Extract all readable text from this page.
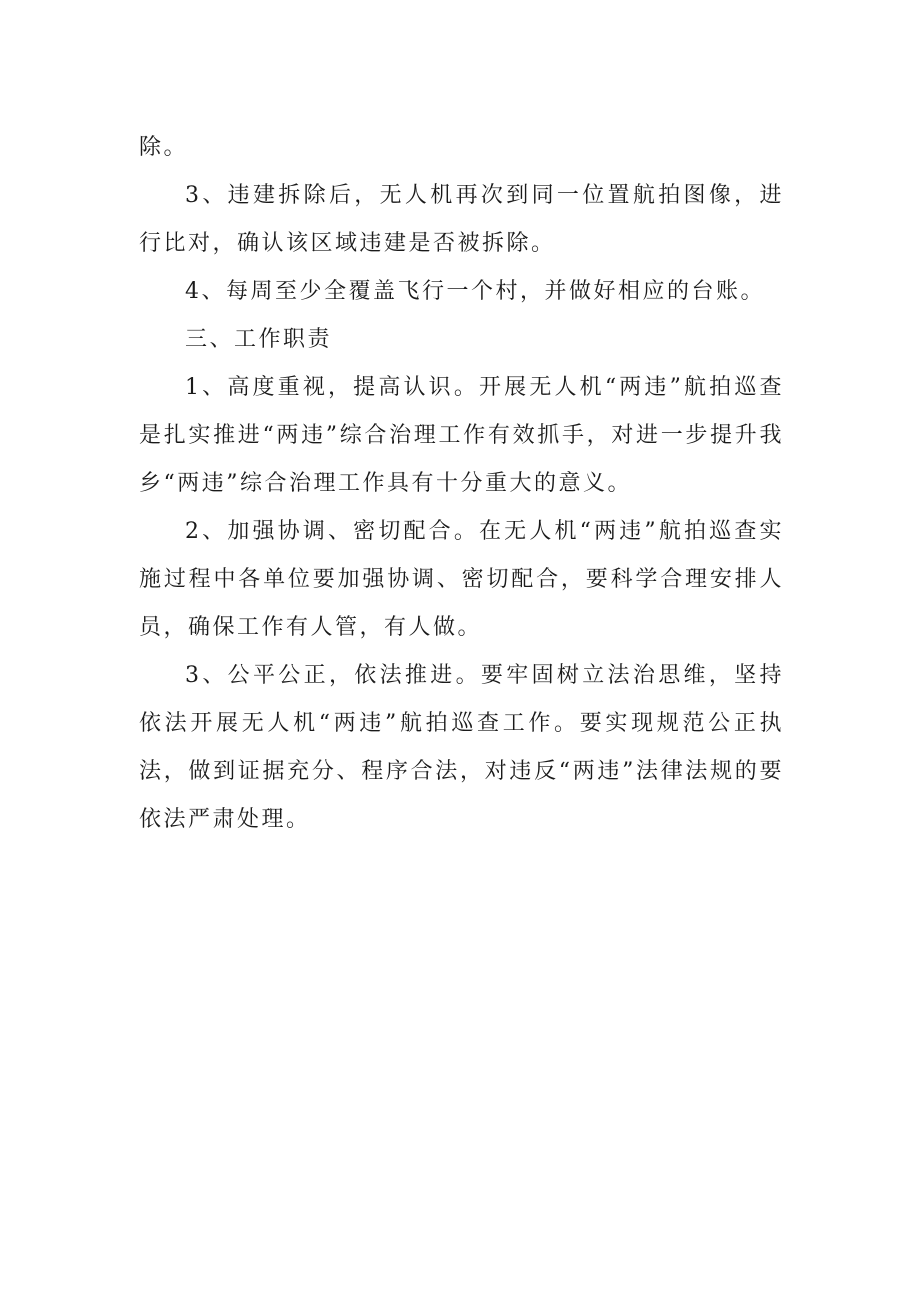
除。

3、违建拆除后，无人机再次到同一位置航拍图像，进行比对，确认该区域违建是否被拆除。

4、每周至少全覆盖飞行一个村，并做好相应的台账。

三、工作职责

1、高度重视，提高认识。开展无人机“两违”航拍巡查是扎实推进“两违”综合治理工作有效抓手，对进一步提升我乡“两违”综合治理工作具有十分重大的意义。

2、加强协调、密切配合。在无人机“两违”航拍巡查实施过程中各单位要加强协调、密切配合，要科学合理安排人员，确保工作有人管，有人做。

3、公平公正，依法推进。要牢固树立法治思维，坚持依法开展无人机“两违”航拍巡查工作。要实现规范公正执法，做到证据充分、程序合法，对违反“两违”法律法规的要依法严肃处理。
